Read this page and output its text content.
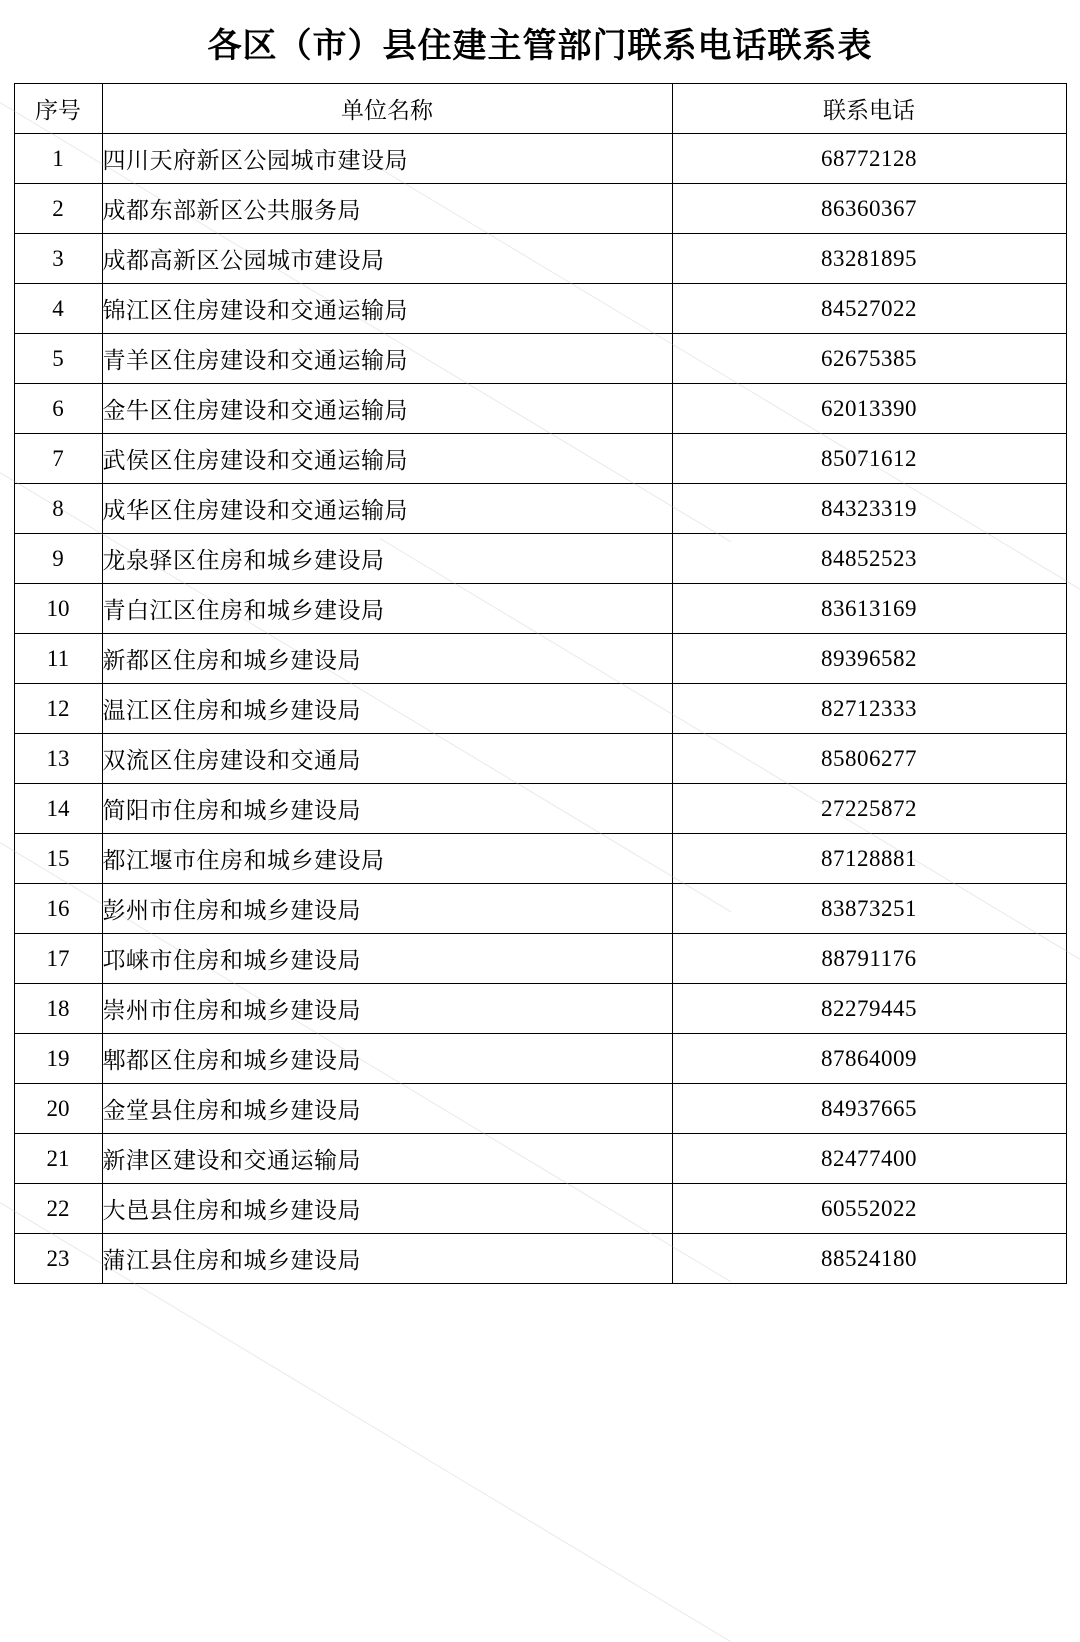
各区（市）县住建主管部门联系电话联系表
序号	单位名称	联系电话
1	四川天府新区公园城市建设局	68772128
2	成都东部新区公共服务局	86360367
3	成都高新区公园城市建设局	83281895
4	锦江区住房建设和交通运输局	84527022
5	青羊区住房建设和交通运输局	62675385
6	金牛区住房建设和交通运输局	62013390
7	武侯区住房建设和交通运输局	85071612
8	成华区住房建设和交通运输局	84323319
9	龙泉驿区住房和城乡建设局	84852523
10	青白江区住房和城乡建设局	83613169
11	新都区住房和城乡建设局	89396582
12	温江区住房和城乡建设局	82712333
13	双流区住房建设和交通局	85806277
14	简阳市住房和城乡建设局	27225872
15	都江堰市住房和城乡建设局	87128881
16	彭州市住房和城乡建设局	83873251
17	邛崃市住房和城乡建设局	88791176
18	崇州市住房和城乡建设局	82279445
19	郫都区住房和城乡建设局	87864009
20	金堂县住房和城乡建设局	84937665
21	新津区建设和交通运输局	82477400
22	大邑县住房和城乡建设局	60552022
23	蒲江县住房和城乡建设局	88524180
